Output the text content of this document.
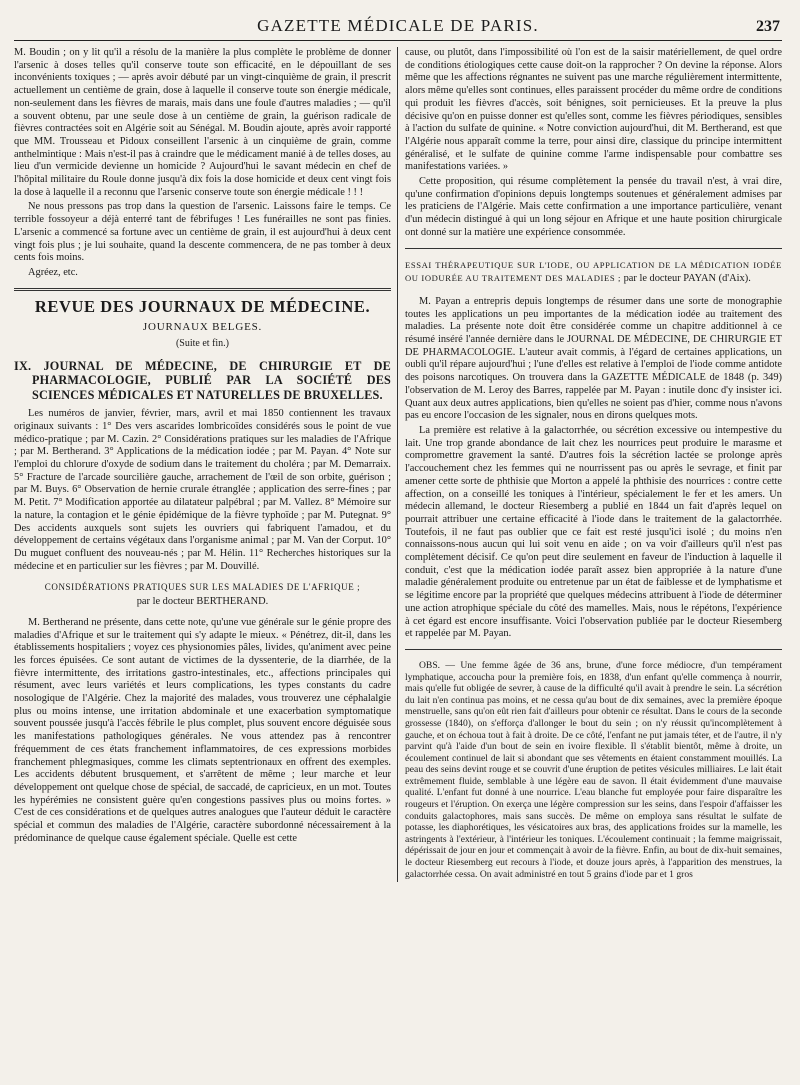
GAZETTE MÉDICALE DE PARIS.	237

M. Boudin ; on y lit qu'il a résolu de la manière la plus complète le problème de donner l'arsenic à doses telles qu'il conserve toute son efficacité, en le dépouillant de ses inconvénients toxiques ; — après avoir débuté par un vingt-cinquième de grain, il prescrit actuellement un centième de grain, dose à laquelle il conserve toute son énergie médicale, non-seulement dans les fièvres de marais, mais dans une foule d'autres maladies ; — qu'il a souvent obtenu, par une seule dose à un centième de grain, la guérison radicale de fièvres contractées soit en Algérie soit au Sénégal. M. Boudin ajoute, après avoir rapporté que MM. Trousseau et Pidoux conseillent l'arsenic à un cinquième de grain, comme anthelmintique : Mais n'est-il pas à craindre que le médicament manié à de telles doses, au lieu d'un vermicide devienne un homicide ? Aujourd'hui le savant médecin en chef de l'hôpital militaire du Roule donne jusqu'à dix fois la dose homicide et deux cent vingt fois la dose à laquelle il a reconnu que l'arsenic conserve toute son énergie médicale ! ! !

Ne nous pressons pas trop dans la question de l'arsenic. Laissons faire le temps. Ce terrible fossoyeur a déjà enterré tant de fébrifuges ! Les funérailles ne sont pas finies. L'arsenic a commencé sa fortune avec un centième de grain, il est aujourd'hui à deux cent vingt fois plus ; je lui souhaite, quand la descente commencera, de ne pas tomber à deux cents fois moins.

Agréez, etc.

REVUE DES JOURNAUX DE MÉDECINE.
JOURNAUX BELGES.
(Suite et fin.)
IX. JOURNAL DE MÉDECINE, DE CHIRURGIE ET DE PHARMACOLOGIE, PUBLIÉ PAR LA SOCIÉTÉ DES SCIENCES MÉDICALES ET NATURELLES DE BRUXELLES.

Les numéros de janvier, février, mars, avril et mai 1850 contiennent les travaux originaux suivants : 1° Des vers ascarides lombricoïdes considérés sous le point de vue médico-pratique ; par M. Cazin. 2° Considérations pratiques sur les maladies de l'Afrique ; par M. Bertherand. 3° Applications de la médication iodée ; par M. Payan. 4° Note sur l'emploi du chlorure d'oxyde de sodium dans le traitement du choléra ; par M. Demarraix. 5° Fracture de l'arcade sourcilière gauche, arrachement de l'œil de son orbite, guérison ; par M. Buys. 6° Observation de hernie crurale étranglée ; application des serre-fines ; par M. Petit. 7° Modification apportée au dilatateur palpébral ; par M. Vallez. 8° Mémoire sur la nature, la contagion et le génie épidémique de la fièvre typhoïde ; par M. Putegnat. 9° Des accidents auxquels sont sujets les ouvriers qui fabriquent l'amadou, et du développement de certains végétaux dans l'organisme animal ; par M. Van der Corput. 10° Du muguet confluent des nouveau-nés ; par M. Hélin. 11° Recherches historiques sur la médecine et en particulier sur les fièvres ; par M. Douvillé.

CONSIDÉRATIONS PRATIQUES SUR LES MALADIES DE L'AFRIQUE ;
par le docteur BERTHERAND.

M. Bertherand ne présente, dans cette note, qu'une vue générale sur le génie propre des maladies d'Afrique et sur le traitement qui s'y adapte le mieux. « Pénétrez, dit-il, dans les établissements hospitaliers ; voyez ces physionomies pâles, livides, qu'animent avec peine les forces épuisées. Ce sont autant de victimes de la dyssenterie, de la diarrhée, de la fièvre intermittente, des irritations gastro-intestinales, etc., affections principales qui résument, avec leurs variétés et leurs complications, les types constants du cadre nosologique de l'Algérie. Chez la majorité des malades, vous trouverez une céphalalgie plus ou moins intense, une irritation abdominale et une exacerbation symptomatique souvent poussée jusqu'à l'accès fébrile le plus complet, plus souvent encore déguisée sous les manifestations pathologiques générales. Ne vous attendez pas à rencontrer fréquemment de ces états franchement inflammatoires, de ces expressions morbides franchement phlegmasiques, comme les climats septentrionaux en offrent des exemples. Les accidents débutent brusquement, et s'arrêtent de même ; leur marche et leur développement ont quelque chose de spécial, de saccadé, de capricieux, en un mot. Toutes les hypérémies ne consistent guère qu'en congestions passives plus ou moins fortes. » C'est de ces considérations et de quelques autres analogues que l'auteur déduit le caractère spécial et commun des maladies de l'Algérie, caractère subordonné nécessairement à la prédominance de quelque cause également spéciale. Quelle est cette

cause, ou plutôt, dans l'impossibilité où l'on est de la saisir matériellement, de quel ordre de conditions étiologiques cette cause doit-on la rapprocher ? On devine la réponse. Alors même que les affections régnantes ne suivent pas une marche régulièrement intermittente, alors même qu'elles sont continues, elles paraissent procéder du même ordre de conditions qui produit les fièvres d'accès, soit bénignes, soit pernicieuses. Et la preuve la plus décisive qu'on en puisse donner est qu'elles sont, comme les fièvres périodiques, sensibles à l'action du sulfate de quinine. « Notre conviction aujourd'hui, dit M. Bertherand, est que l'Algérie nous apparaît comme la terre, pour ainsi dire, classique du principe intermittent généralisé, et le sulfate de quinine comme l'arme indispensable pour combattre ses manifestations variées. »

Cette proposition, qui résume complètement la pensée du travail n'est, à vrai dire, qu'une confirmation d'opinions depuis longtemps soutenues et généralement admises par les praticiens de l'Algérie. Mais cette confirmation a une importance particulière, venant d'un médecin distingué à qui un long séjour en Afrique et une haute position chirurgicale ont donné sur la matière une expérience consommée.

ESSAI THÉRAPEUTIQUE SUR L'IODE, OU APPLICATION DE LA MÉDICATION IODÉE OU IODURÉE AU TRAITEMENT DES MALADIES ; par le docteur PAYAN (d'Aix).

M. Payan a entrepris depuis longtemps de résumer dans une sorte de monographie toutes les applications un peu importantes de la médication iodée au traitement des maladies. La présente note doit être considérée comme un chapitre additionnel à ce résumé inséré l'année dernière dans le JOURNAL DE MÉDECINE, DE CHIRURGIE ET DE PHARMACOLOGIE. L'auteur avait commis, à l'égard de certaines applications, un oubli qu'il répare aujourd'hui ; l'une d'elles est relative à l'emploi de l'iode comme antidote des poisons narcotiques. On trouvera dans la GAZETTE MÉDICALE de 1848 (p. 349) l'observation de M. Leroy des Barres, rappelée par M. Payan : inutile donc d'y insister ici. Quant aux deux autres applications, bien qu'elles ne soient pas d'hier, comme nous n'avons pas eu encore l'occasion de les signaler, nous en dirons quelques mots.

La première est relative à la galactorrhée, ou sécrétion excessive ou intempestive du lait. Une trop grande abondance de lait chez les nourrices peut produire le marasme et compromettre gravement la santé. D'autres fois la sécrétion lactée se prolonge après l'accouchement chez les femmes qui ne nourrissent pas ou après le sevrage, et finit par amener cette sorte de phthisie que Morton a appelé la phthisie des nourrices : contre cette affection, on a conseillé les toniques à l'intérieur, spécialement le fer et les amers. Un médecin allemand, le docteur Riesemberg a publié en 1844 un fait d'après lequel on pourrait attribuer une certaine efficacité à l'iode dans le traitement de la galactorrhée. Toutefois, il ne faut pas oublier que ce fait est resté jusqu'ici isolé ; du moins n'en connaissons-nous aucun qui lui soit venu en aide ; on va voir d'ailleurs qu'il n'est pas complètement décisif. Ce qu'on peut dire seulement en faveur de l'induction à laquelle il conduit, c'est que la médication iodée paraît assez bien appropriée à la nature d'une maladie généralement produite ou entretenue par un état de faiblesse et de lymphatisme et se légitime encore par la propriété que quelques médecins attribuent à l'iode de déterminer une action atrophique spéciale du côté des mamelles. Mais, nous le répétons, l'expérience à cet égard est encore insuffisante. Voici l'observation publiée par le docteur Riesemberg et rappelée par M. Payan.

OBS. — Une femme âgée de 36 ans, brune, d'une force médiocre, d'un tempérament lymphatique, accoucha pour la première fois, en 1838, d'un enfant qu'elle commença à nourrir, mais qu'elle fut obligée de sevrer, à cause de la difficulté qu'il avait à prendre le sein. La sécrétion du lait n'en continua pas moins, et ne cessa qu'au bout de dix semaines, avec la première époque menstruelle, sans qu'on eût rien fait d'ailleurs pour obtenir ce résultat. Dans le cours de la seconde grossesse (1840), on s'efforça d'allonger le bout du sein ; on n'y réussit qu'incomplètement à gauche, et on échoua tout à fait à droite. De ce côté, l'enfant ne put jamais téter, et de l'autre, il n'y parvint qu'à l'aide d'un bout de sein en ivoire flexible. Il s'établit bientôt, même à droite, un écoulement continuel de lait si abondant que ses vêtements en étaient constamment mouillés. La peau des seins devint rouge et se couvrit d'une éruption de petites vésicules milliaires. Le lait était extrêmement fluide, semblable à une légère eau de savon. Il était évidemment d'une mauvaise qualité. L'enfant fut donné à une nourrice. L'eau blanche fut employée pour faire disparaître les rougeurs et l'éruption. On exerça une légère compression sur les seins, dans l'espoir d'affaisser les conduits galactophores, mais sans succès. De même on employa sans résultat le sulfate de potasse, les diaphorétiques, les vésicatoires aux bras, des applications froides sur la mamelle, les astringents à l'extérieur, à l'intérieur les toniques. L'écoulement continuait ; la femme maigrissait, dépérissait de jour en jour et commençait à avoir de la fièvre. Enfin, au bout de dix-huit semaines, le docteur Riesemberg eut recours à l'iode, et douze jours après, à l'apparition des menstrues, la galactorrhée cessa. On avait administré en tout 5 grains d'iode par et 1 gros
